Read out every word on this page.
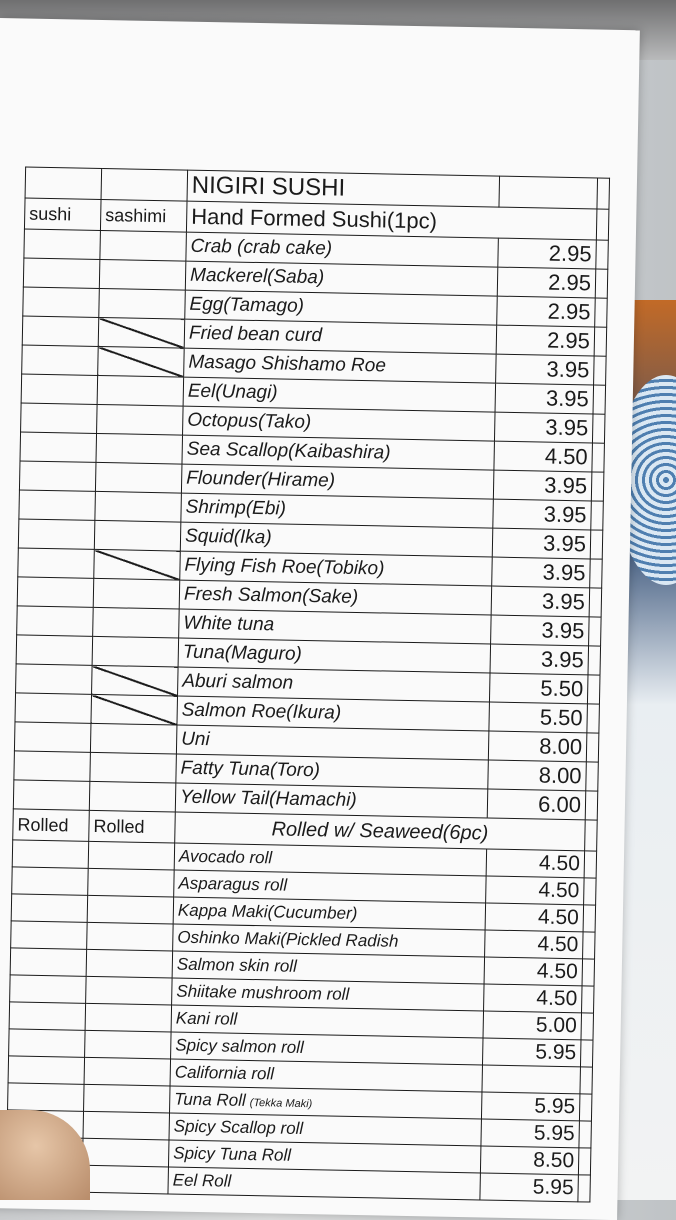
		NIGIRI SUSHI		
sushi	sashimi	Hand Formed Sushi(1pc)		
		Crab (crab cake)	2.95	
		Mackerel(Saba)	2.95	
		Egg(Tamago)	2.95	
		Fried bean curd	2.95	
		Masago Shishamo Roe	3.95	
		Eel(Unagi)	3.95	
		Octopus(Tako)	3.95	
		Sea Scallop(Kaibashira)	4.50	
		Flounder(Hirame)	3.95	
		Shrimp(Ebi)	3.95	
		Squid(Ika)	3.95	
		Flying Fish Roe(Tobiko)	3.95	
		Fresh Salmon(Sake)	3.95	
		White tuna	3.95	
		Tuna(Maguro)	3.95	
		Aburi salmon	5.50	
		Salmon Roe(Ikura)	5.50	
		Uni	8.00	
		Fatty Tuna(Toro)	8.00	
		Yellow Tail(Hamachi)	6.00	
Rolled	Rolled	Rolled w/ Seaweed(6pc)		
		Avocado roll	4.50	
		Asparagus roll	4.50	
		Kappa Maki(Cucumber)	4.50	
		Oshinko Maki(Pickled Radish	4.50	
		Salmon skin roll	4.50	
		Shiitake mushroom roll	4.50	
		Kani roll	5.00	
		Spicy salmon roll	5.95	
		California roll		
		Tuna Roll (Tekka Maki)	5.95	
		Spicy Scallop roll	5.95	
		Spicy Tuna Roll	8.50	
		Eel Roll	5.95	
